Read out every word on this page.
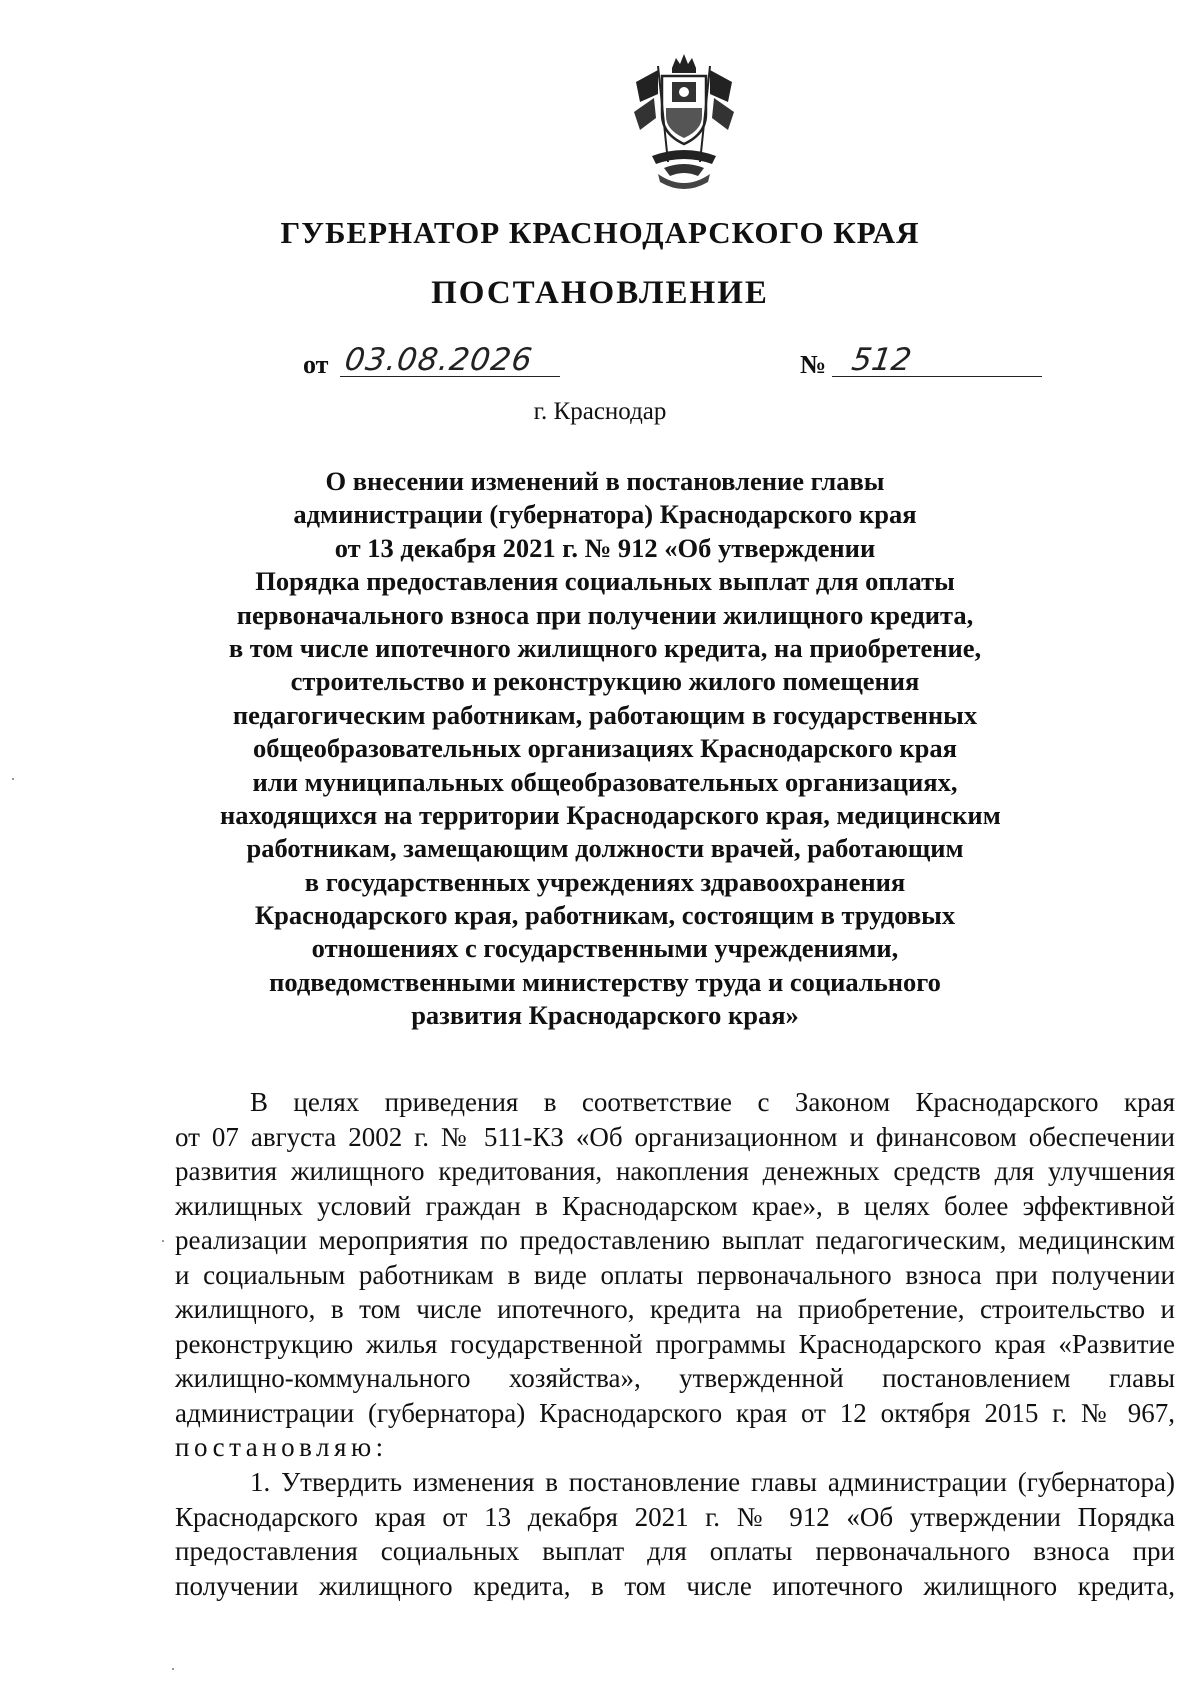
ГУБЕРНАТОР КРАСНОДАРСКОГО КРАЯ
ПОСТАНОВЛЕНИЕ
от 03.08.2026	№ 512
г. Краснодар
О внесении изменений в постановление главы
администрации (губернатора) Краснодарского края
от 13 декабря 2021 г. № 912 «Об утверждении
Порядка предоставления социальных выплат для оплаты
первоначального взноса при получении жилищного кредита,
в том числе ипотечного жилищного кредита, на приобретение,
строительство и реконструкцию жилого помещения
педагогическим работникам, работающим в государственных
общеобразовательных организациях Краснодарского края
или муниципальных общеобразовательных организациях,
находящихся на территории Краснодарского края, медицинским
работникам, замещающим должности врачей, работающим
в государственных учреждениях здравоохранения
Краснодарского края, работникам, состоящим в трудовых
отношениях с государственными учреждениями,
подведомственными министерству труда и социального
развития Краснодарского края»
В целях приведения в соответствие с Законом Краснодарского края
от 07 августа 2002 г. № 511-КЗ «Об организационном и финансовом обеспечении
развития жилищного кредитования, накопления денежных средств для улучшения
жилищных условий граждан в Краснодарском крае», в целях более эффективной
реализации мероприятия по предоставлению выплат педагогическим, медицинским
и социальным работникам в виде оплаты первоначального взноса при получении
жилищного, в том числе ипотечного, кредита на приобретение, строительство и
реконструкцию жилья государственной программы Краснодарского края «Развитие
жилищно-коммунального хозяйства», утвержденной постановлением главы
администрации (губернатора) Краснодарского края от 12 октября 2015 г. № 967,
постановляю:
1. Утвердить изменения в постановление главы администрации (губернатора)
Краснодарского края от 13 декабря 2021 г. № 912 «Об утверждении Порядка
предоставления социальных выплат для оплаты первоначального взноса при
получении жилищного кредита, в том числе ипотечного жилищного кредита,
